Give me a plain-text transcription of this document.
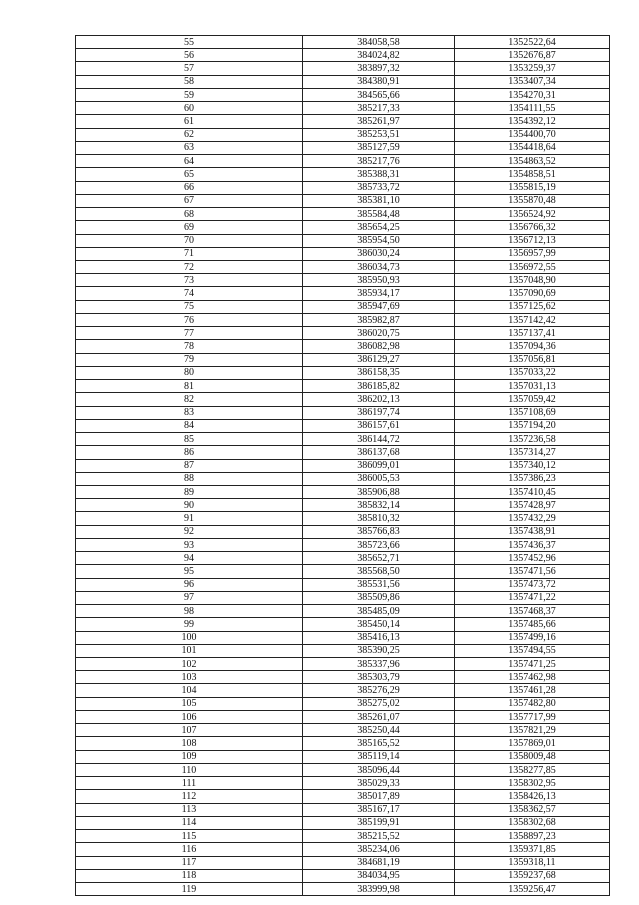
55	384058,58	1352522,64
56	384024,82	1352676,87
57	383897,32	1353259,37
58	384380,91	1353407,34
59	384565,66	1354270,31
60	385217,33	1354111,55
61	385261,97	1354392,12
62	385253,51	1354400,70
63	385127,59	1354418,64
64	385217,76	1354863,52
65	385388,31	1354858,51
66	385733,72	1355815,19
67	385381,10	1355870,48
68	385584,48	1356524,92
69	385654,25	1356766,32
70	385954,50	1356712,13
71	386030,24	1356957,99
72	386034,73	1356972,55
73	385950,93	1357048,90
74	385934,17	1357090,69
75	385947,69	1357125,62
76	385982,87	1357142,42
77	386020,75	1357137,41
78	386082,98	1357094,36
79	386129,27	1357056,81
80	386158,35	1357033,22
81	386185,82	1357031,13
82	386202,13	1357059,42
83	386197,74	1357108,69
84	386157,61	1357194,20
85	386144,72	1357236,58
86	386137,68	1357314,27
87	386099,01	1357340,12
88	386005,53	1357386,23
89	385906,88	1357410,45
90	385832,14	1357428,97
91	385810,32	1357432,29
92	385766,83	1357438,91
93	385723,66	1357436,37
94	385652,71	1357452,96
95	385568,50	1357471,56
96	385531,56	1357473,72
97	385509,86	1357471,22
98	385485,09	1357468,37
99	385450,14	1357485,66
100	385416,13	1357499,16
101	385390,25	1357494,55
102	385337,96	1357471,25
103	385303,79	1357462,98
104	385276,29	1357461,28
105	385275,02	1357482,80
106	385261,07	1357717,99
107	385250,44	1357821,29
108	385165,52	1357869,01
109	385119,14	1358009,48
110	385096,44	1358277,85
111	385029,33	1358302,95
112	385017,89	1358426,13
113	385167,17	1358362,57
114	385199,91	1358302,68
115	385215,52	1358897,23
116	385234,06	1359371,85
117	384681,19	1359318,11
118	384034,95	1359237,68
119	383999,98	1359256,47
